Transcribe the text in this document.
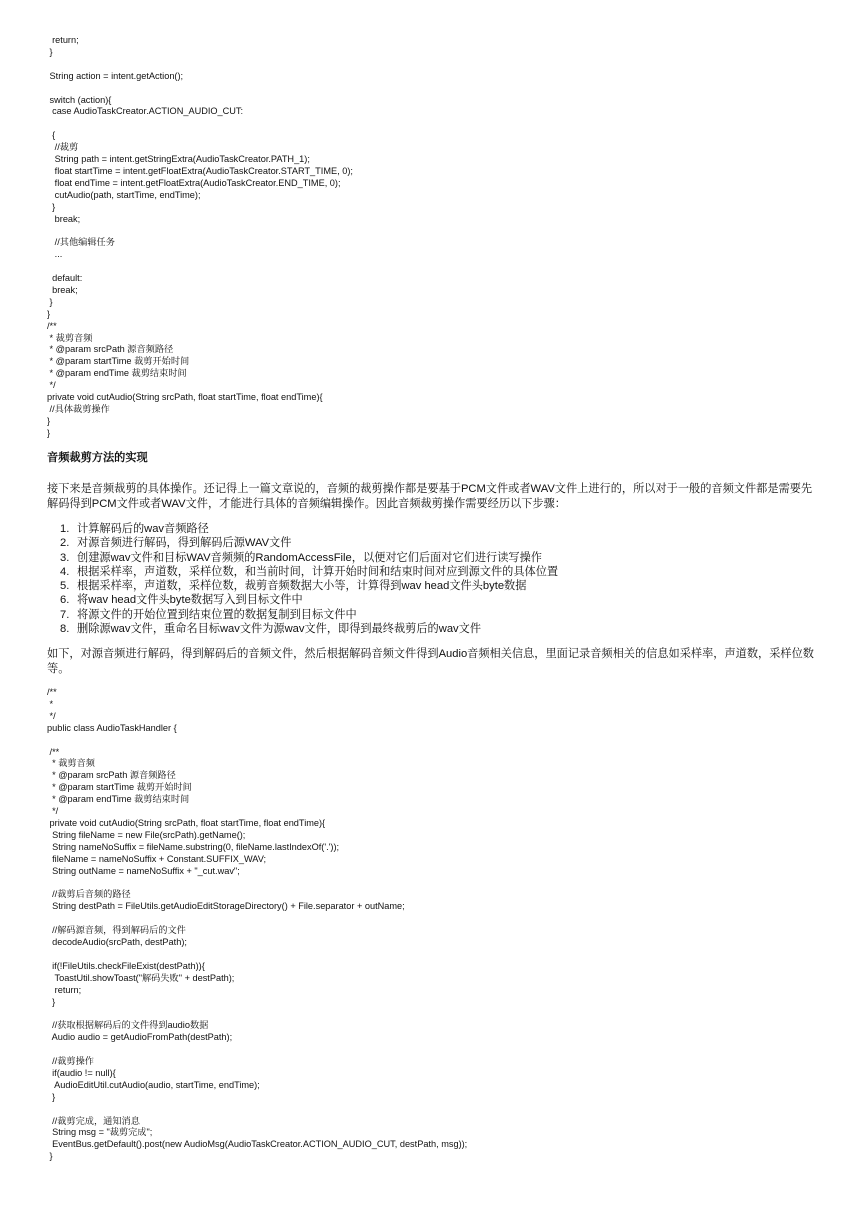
return;
}
String action = intent.getAction();
switch (action){
case AudioTaskCreator.ACTION_AUDIO_CUT:
{
//裁剪
String path = intent.getStringExtra(AudioTaskCreator.PATH_1);
float startTime = intent.getFloatExtra(AudioTaskCreator.START_TIME, 0);
float endTime = intent.getFloatExtra(AudioTaskCreator.END_TIME, 0);
cutAudio(path, startTime, endTime);
}
break;
//其他编辑任务
...
default:
break;
}
}
/**
* 裁剪音频
* @param srcPath 源音频路径
* @param startTime 裁剪开始时间
* @param endTime 裁剪结束时间
*/
private void cutAudio(String srcPath, float startTime, float endTime){
//具体裁剪操作
}
}
音频裁剪方法的实现

接下来是音频裁剪的具体操作。还记得上一篇文章说的，音频的裁剪操作都是要基于PCM文件或者WAV文件上进行的，所以对于一般的音频文件都是需要先解码得到PCM文件或者WAV文件，才能进行具体的音频编辑操作。因此音频裁剪操作需要经历以下步骤：

1. 计算解码后的wav音频路径
2. 对源音频进行解码，得到解码后源WAV文件
3. 创建源wav文件和目标WAV音频频的RandomAccessFile，以便对它们后面对它们进行读写操作
4. 根据采样率，声道数，采样位数，和当前时间，计算开始时间和结束时间对应到源文件的具体位置
5. 根据采样率，声道数，采样位数，裁剪音频数据大小等，计算得到wav head文件头byte数据
6. 将wav head文件头byte数据写入到目标文件中
7. 将源文件的开始位置到结束位置的数据复制到目标文件中
8. 删除源wav文件，重命名目标wav文件为源wav文件，即得到最终裁剪后的wav文件

如下，对源音频进行解码，得到解码后的音频文件，然后根据解码音频文件得到Audio音频相关信息，里面记录音频相关的信息如采样率，声道数，采样位数等。

/**
*
*/
public class AudioTaskHandler {
/**
* 裁剪音频
* @param srcPath 源音频路径
* @param startTime 裁剪开始时间
* @param endTime 裁剪结束时间
*/
private void cutAudio(String srcPath, float startTime, float endTime){
String fileName = new File(srcPath).getName();
String nameNoSuffix = fileName.substring(0, fileName.lastIndexOf('.'));
fileName = nameNoSuffix + Constant.SUFFIX_WAV;
String outName = nameNoSuffix + "_cut.wav";
//裁剪后音频的路径
String destPath = FileUtils.getAudioEditStorageDirectory() + File.separator + outName;
//解码源音频，得到解码后的文件
decodeAudio(srcPath, destPath);
if(!FileUtils.checkFileExist(destPath)){
ToastUtil.showToast("解码失败" + destPath);
return;
}
//获取根据解码后的文件得到audio数据
Audio audio = getAudioFromPath(destPath);
//裁剪操作
if(audio != null){
AudioEditUtil.cutAudio(audio, startTime, endTime);
}
//裁剪完成，通知消息
String msg = "裁剪完成";
EventBus.getDefault().post(new AudioMsg(AudioTaskCreator.ACTION_AUDIO_CUT, destPath, msg));
}
